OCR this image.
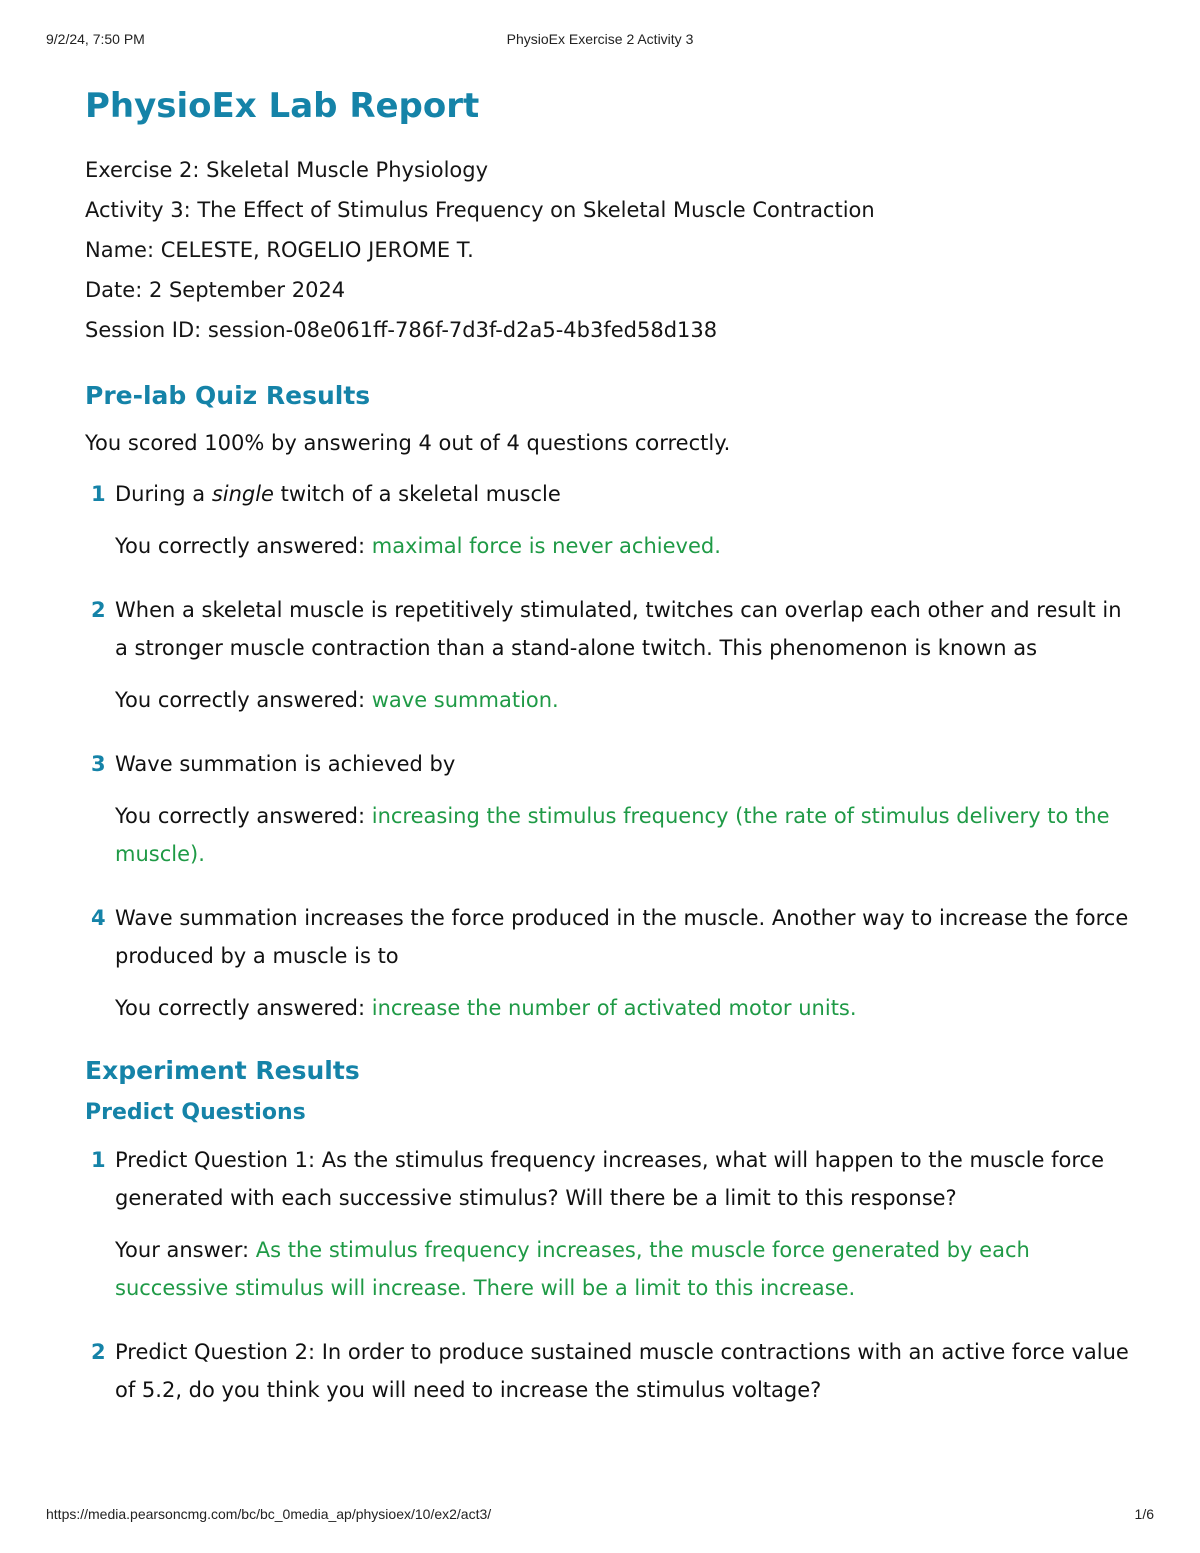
9/2/24, 7:50 PM	PhysioEx Exercise 2 Activity 3
PhysioEx Lab Report
Exercise 2: Skeletal Muscle Physiology
Activity 3: The Effect of Stimulus Frequency on Skeletal Muscle Contraction
Name: CELESTE, ROGELIO JEROME T.
Date: 2 September 2024
Session ID: session-08e061ff-786f-7d3f-d2a5-4b3fed58d138
Pre-lab Quiz Results
You scored 100% by answering 4 out of 4 questions correctly.
1 During a single twitch of a skeletal muscle
You correctly answered: maximal force is never achieved.
2 When a skeletal muscle is repetitively stimulated, twitches can overlap each other and result in a stronger muscle contraction than a stand-alone twitch. This phenomenon is known as
You correctly answered: wave summation.
3 Wave summation is achieved by
You correctly answered: increasing the stimulus frequency (the rate of stimulus delivery to the muscle).
4 Wave summation increases the force produced in the muscle. Another way to increase the force produced by a muscle is to
You correctly answered: increase the number of activated motor units.
Experiment Results
Predict Questions
1 Predict Question 1: As the stimulus frequency increases, what will happen to the muscle force generated with each successive stimulus? Will there be a limit to this response?
Your answer: As the stimulus frequency increases, the muscle force generated by each successive stimulus will increase. There will be a limit to this increase.
2 Predict Question 2: In order to produce sustained muscle contractions with an active force value of 5.2, do you think you will need to increase the stimulus voltage?
https://media.pearsoncmg.com/bc/bc_0media_ap/physioex/10/ex2/act3/	1/6
